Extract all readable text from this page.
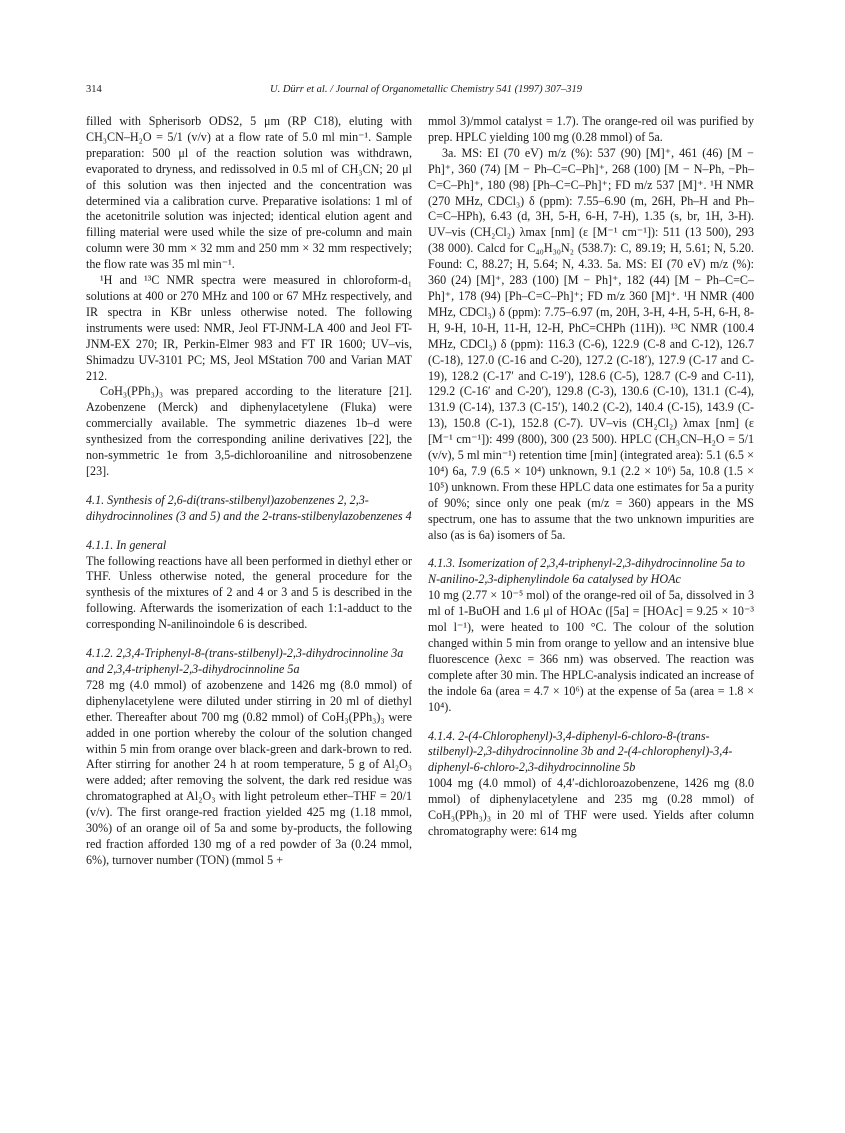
314	U. Dürr et al. / Journal of Organometallic Chemistry 541 (1997) 307–319

filled with Spherisorb ODS2, 5 μm (RP C18), eluting with CH₃CN–H₂O = 5/1 (v/v) at a flow rate of 5.0 ml min⁻¹. Sample preparation: 500 μl of the reaction solution was withdrawn, evaporated to dryness, and redissolved in 0.5 ml of CH₃CN; 20 μl of this solution was then injected and the concentration was determined via a calibration curve. Preparative isolations: 1 ml of the acetonitrile solution was injected; identical elution agent and filling material were used while the size of pre-column and main column were 30 mm × 32 mm and 250 mm × 32 mm respectively; the flow rate was 35 ml min⁻¹.

¹H and ¹³C NMR spectra were measured in chloroform-d₁ solutions at 400 or 270 MHz and 100 or 67 MHz respectively, and IR spectra in KBr unless otherwise noted. The following instruments were used: NMR, Jeol FT-JNM-LA 400 and Jeol FT-JNM-EX 270; IR, Perkin-Elmer 983 and FT IR 1600; UV–vis, Shimadzu UV-3101 PC; MS, Jeol MStation 700 and Varian MAT 212.

CoH₃(PPh₃)₃ was prepared according to the literature [21]. Azobenzene (Merck) and diphenylacetylene (Fluka) were commercially available. The symmetric diazenes 1b–d were synthesized from the corresponding aniline derivatives [22], the non-symmetric 1e from 3,5-dichloroaniline and nitrosobenzene [23].

4.1. Synthesis of 2,6-di(trans-stilbenyl)azobenzenes 2, 2,3-dihydrocinnolines (3 and 5) and the 2-trans-stilbenylazobenzenes 4
4.1.1. In general

The following reactions have all been performed in diethyl ether or THF. Unless otherwise noted, the general procedure for the synthesis of the mixtures of 2 and 4 or 3 and 5 is described in the following. Afterwards the isomerization of each 1:1-adduct to the corresponding N-anilinoindole 6 is described.

4.1.2. 2,3,4-Triphenyl-8-(trans-stilbenyl)-2,3-dihydrocinnoline 3a and 2,3,4-triphenyl-2,3-dihydrocinnoline 5a

728 mg (4.0 mmol) of azobenzene and 1426 mg (8.0 mmol) of diphenylacetylene were diluted under stirring in 20 ml of diethyl ether. Thereafter about 700 mg (0.82 mmol) of CoH₃(PPh₃)₃ were added in one portion whereby the colour of the solution changed within 5 min from orange over black-green and dark-brown to red. After stirring for another 24 h at room temperature, 5 g of Al₂O₃ were added; after removing the solvent, the dark red residue was chromatographed at Al₂O₃ with light petroleum ether–THF = 20/1 (v/v). The first orange-red fraction yielded 425 mg (1.18 mmol, 30%) of an orange oil of 5a and some by-products, the following red fraction afforded 130 mg of a red powder of 3a (0.24 mmol, 6%), turnover number (TON) (mmol 5 +

mmol 3)/mmol catalyst = 1.7). The orange-red oil was purified by prep. HPLC yielding 100 mg (0.28 mmol) of 5a.

3a. MS: EI (70 eV) m/z (%): 537 (90) [M]⁺, 461 (46) [M − Ph]⁺, 360 (74) [M − Ph–C=C–Ph]⁺, 268 (100) [M − N–Ph, −Ph–C=C–Ph]⁺, 180 (98) [Ph–C=C–Ph]⁺; FD m/z 537 [M]⁺. ¹H NMR (270 MHz, CDCl₃) δ (ppm): 7.55–6.90 (m, 26H, Ph–H and Ph–C=C–HPh), 6.43 (d, 3H, 5-H, 6-H, 7-H), 1.35 (s, br, 1H, 3-H). UV–vis (CH₂Cl₂) λmax [nm] (ε [M⁻¹ cm⁻¹]): 511 (13 500), 293 (38 000). Calcd for C₄₀H₃₀N₂ (538.7): C, 89.19; H, 5.61; N, 5.20. Found: C, 88.27; H, 5.64; N, 4.33. 5a. MS: EI (70 eV) m/z (%): 360 (24) [M]⁺, 283 (100) [M − Ph]⁺, 182 (44) [M − Ph–C=C–Ph]⁺, 178 (94) [Ph–C=C–Ph]⁺; FD m/z 360 [M]⁺. ¹H NMR (400 MHz, CDCl₃) δ (ppm): 7.75–6.97 (m, 20H, 3-H, 4-H, 5-H, 6-H, 8-H, 9-H, 10-H, 11-H, 12-H, PhC=CHPh (11H)). ¹³C NMR (100.4 MHz, CDCl₃) δ (ppm): 116.3 (C-6), 122.9 (C-8 and C-12), 126.7 (C-18), 127.0 (C-16 and C-20), 127.2 (C-18′), 127.9 (C-17 and C-19), 128.2 (C-17′ and C-19′), 128.6 (C-5), 128.7 (C-9 and C-11), 129.2 (C-16′ and C-20′), 129.8 (C-3), 130.6 (C-10), 131.1 (C-4), 131.9 (C-14), 137.3 (C-15′), 140.2 (C-2), 140.4 (C-15), 143.9 (C-13), 150.8 (C-1), 152.8 (C-7). UV–vis (CH₂Cl₂) λmax [nm] (ε [M⁻¹ cm⁻¹]): 499 (800), 300 (23 500). HPLC (CH₃CN–H₂O = 5/1 (v/v), 5 ml min⁻¹) retention time [min] (integrated area): 5.1 (6.5 × 10⁴) 6a, 7.9 (6.5 × 10⁴) unknown, 9.1 (2.2 × 10⁶) 5a, 10.8 (1.5 × 10⁵) unknown. From these HPLC data one estimates for 5a a purity of 90%; since only one peak (m/z = 360) appears in the MS spectrum, one has to assume that the two unknown impurities are also (as is 6a) isomers of 5a.

4.1.3. Isomerization of 2,3,4-triphenyl-2,3-dihydrocinnoline 5a to N-anilino-2,3-diphenylindole 6a catalysed by HOAc

10 mg (2.77 × 10⁻⁵ mol) of the orange-red oil of 5a, dissolved in 3 ml of 1-BuOH and 1.6 μl of HOAc ([5a] = [HOAc] = 9.25 × 10⁻³ mol l⁻¹), were heated to 100 °C. The colour of the solution changed within 5 min from orange to yellow and an intensive blue fluorescence (λexc = 366 nm) was observed. The reaction was complete after 30 min. The HPLC-analysis indicated an increase of the indole 6a (area = 4.7 × 10⁶) at the expense of 5a (area = 1.8 × 10⁴).

4.1.4. 2-(4-Chlorophenyl)-3,4-diphenyl-6-chloro-8-(trans-stilbenyl)-2,3-dihydrocinnoline 3b and 2-(4-chlorophenyl)-3,4-diphenyl-6-chloro-2,3-dihydrocinnoline 5b

1004 mg (4.0 mmol) of 4,4′-dichloroazobenzene, 1426 mg (8.0 mmol) of diphenylacetylene and 235 mg (0.28 mmol) of CoH₃(PPh₃)₃ in 20 ml of THF were used. Yields after column chromatography were: 614 mg
